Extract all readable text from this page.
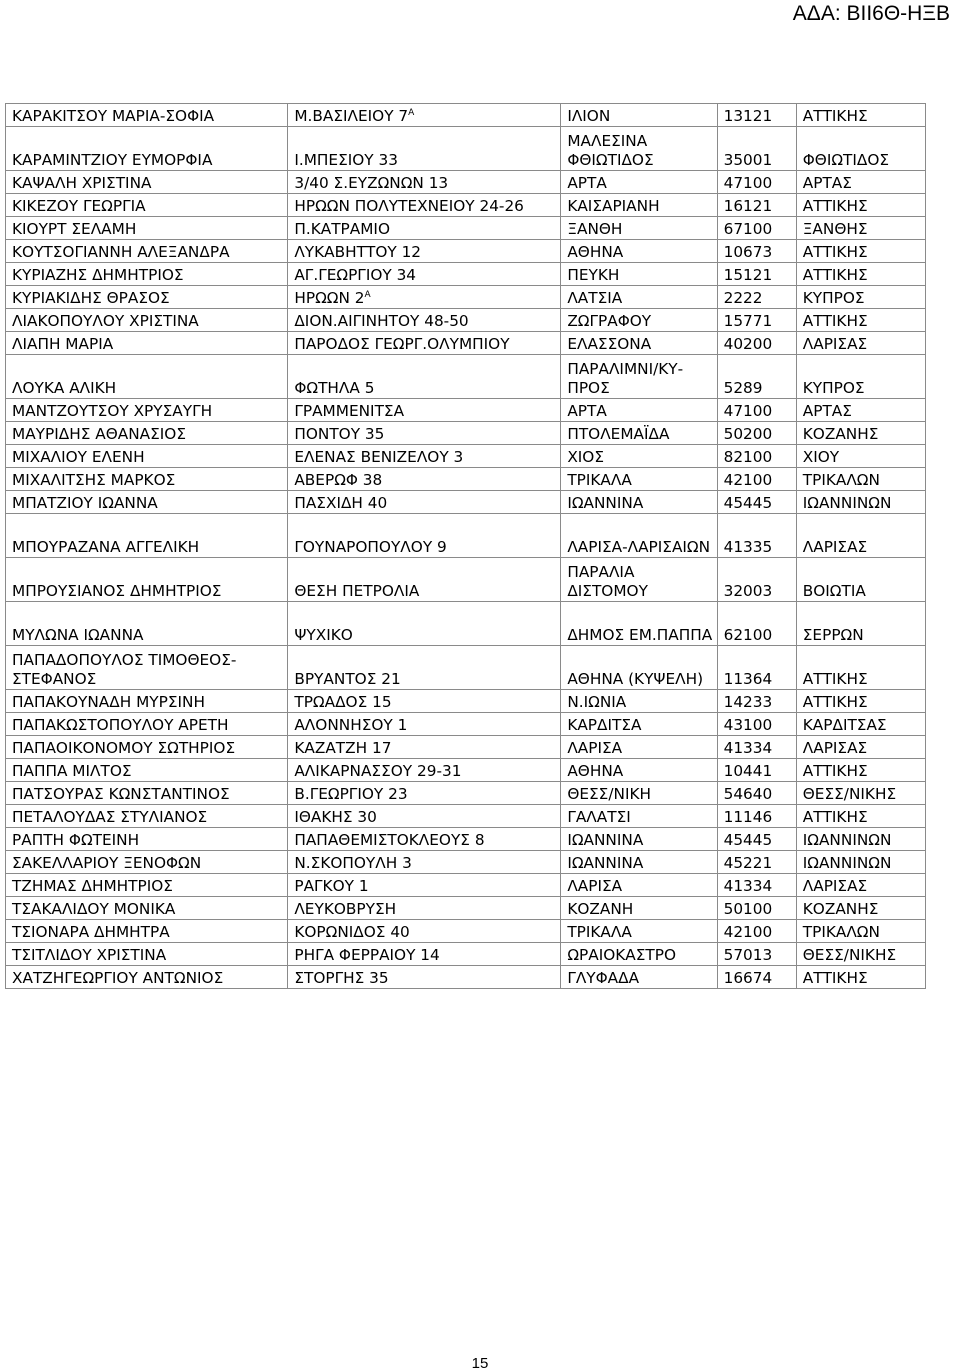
ΑΔΑ: ΒΙΙ6Θ-ΗΞΒ
ΚΑΡΑΚΙΤΣΟΥ ΜΑΡΙΑ-ΣΟΦΙΑ	Μ.ΒΑΣΙΛΕΙΟΥ $7^A$	ΙΛΙΟΝ	13121	ΑΤΤΙΚΗΣ
ΚΑΡΑΜΙΝΤΖΙΟΥ ΕΥΜΟΡΦΙΑ	Ι.ΜΠΕΣΙΟΥ 33	ΜΑΛΕΣΙΝΑ ΦΘΙΩΤΙΔΟΣ	35001	ΦΘΙΩΤΙΔΟΣ
ΚΑΨΑΛΗ ΧΡΙΣΤΙΝΑ	3/40 Σ.ΕΥΖΩΝΩΝ 13	ΑΡΤΑ	47100	ΑΡΤΑΣ
ΚΙΚΕΖΟΥ ΓΕΩΡΓΙΑ	ΗΡΩΩΝ ΠΟΛΥΤΕΧΝΕΙΟΥ 24-26	ΚΑΙΣΑΡΙΑΝΗ	16121	ΑΤΤΙΚΗΣ
ΚΙΟΥΡΤ ΣΕΛΑΜΗ	Π.ΚΑΤΡΑΜΙΟ	ΞΑΝΘΗ	67100	ΞΑΝΘΗΣ
ΚΟΥΤΣΟΓΙΑΝΝΗ ΑΛΕΞΑΝΔΡΑ	ΛΥΚΑΒΗΤΤΟΥ 12	ΑΘΗΝΑ	10673	ΑΤΤΙΚΗΣ
ΚΥΡΙΑΖΗΣ ΔΗΜΗΤΡΙΟΣ	ΑΓ.ΓΕΩΡΓΙΟΥ 34	ΠΕΥΚΗ	15121	ΑΤΤΙΚΗΣ
ΚΥΡΙΑΚΙΔΗΣ ΘΡΑΣΟΣ	ΗΡΩΩΝ $2^A$	ΛΑΤΣΙΑ	2222	ΚΥΠΡΟΣ
ΛΙΑΚΟΠΟΥΛΟΥ ΧΡΙΣΤΙΝΑ	ΔΙΟΝ.ΑΙΓΙΝΗΤΟΥ 48-50	ΖΩΓΡΑΦΟΥ	15771	ΑΤΤΙΚΗΣ
ΛΙΑΠΗ ΜΑΡΙΑ	ΠΑΡΟΔΟΣ ΓΕΩΡΓ.ΟΛΥΜΠΙΟΥ	ΕΛΑΣΣΟΝΑ	40200	ΛΑΡΙΣΑΣ
ΛΟΥΚΑ ΑΛΙΚΗ	ΦΩΤΗΛΑ 5	ΠΑΡΑΛΙΜΝΙ/ΚΥ-ΠΡΟΣ	5289	ΚΥΠΡΟΣ
ΜΑΝΤΖΟΥΤΣΟΥ ΧΡΥΣΑΥΓΗ	ΓΡΑΜΜΕΝΙΤΣΑ	ΑΡΤΑ	47100	ΑΡΤΑΣ
ΜΑΥΡΙΔΗΣ ΑΘΑΝΑΣΙΟΣ	ΠΟΝΤΟΥ 35	ΠΤΟΛΕΜΑΪΔΑ	50200	ΚΟΖΑΝΗΣ
ΜΙΧΑΛΙΟΥ ΕΛΕΝΗ	ΕΛΕΝΑΣ ΒΕΝΙΖΕΛΟΥ 3	ΧΙΟΣ	82100	ΧΙΟΥ
ΜΙΧΑΛΙΤΣΗΣ ΜΑΡΚΟΣ	ΑΒΕΡΩΦ 38	ΤΡΙΚΑΛΑ	42100	ΤΡΙΚΑΛΩΝ
ΜΠΑΤΖΙΟΥ ΙΩΑΝΝΑ	ΠΑΣΧΙΔΗ 40	ΙΩΑΝΝΙΝΑ	45445	ΙΩΑΝΝΙΝΩΝ
ΜΠΟΥΡΑΖΑΝΑ ΑΓΓΕΛΙΚΗ	ΓΟΥΝΑΡΟΠΟΥΛΟΥ 9	ΛΑΡΙΣΑ-ΛΑΡΙΣΑΙΩΝ	41335	ΛΑΡΙΣΑΣ
ΜΠΡΟΥΣΙΑΝΟΣ ΔΗΜΗΤΡΙΟΣ	ΘΕΣΗ ΠΕΤΡΟΛΙΑ	ΠΑΡΑΛΙΑ ΔΙΣΤΟΜΟΥ	32003	ΒΟΙΩΤΙΑ
ΜΥΛΩΝΑ ΙΩΑΝΝΑ	ΨΥΧΙΚΟ	ΔΗΜΟΣ ΕΜ.ΠΑΠΠΑ	62100	ΣΕΡΡΩΝ
ΠΑΠΑΔΟΠΟΥΛΟΣ ΤΙΜΟΘΕΟΣ-ΣΤΕΦΑΝΟΣ	ΒΡΥΑΝΤΟΣ 21	ΑΘΗΝΑ (ΚΥΨΕΛΗ)	11364	ΑΤΤΙΚΗΣ
ΠΑΠΑΚΟΥΝΑΔΗ ΜΥΡΣΙΝΗ	ΤΡΩΑΔΟΣ 15	Ν.ΙΩΝΙΑ	14233	ΑΤΤΙΚΗΣ
ΠΑΠΑΚΩΣΤΟΠΟΥΛΟΥ ΑΡΕΤΗ	ΑΛΟΝΝΗΣΟΥ 1	ΚΑΡΔΙΤΣΑ	43100	ΚΑΡΔΙΤΣΑΣ
ΠΑΠΑΟΙΚΟΝΟΜΟΥ ΣΩΤΗΡΙΟΣ	ΚΑΖΑΤΖΗ 17	ΛΑΡΙΣΑ	41334	ΛΑΡΙΣΑΣ
ΠΑΠΠΑ ΜΙΛΤΟΣ	ΑΛΙΚΑΡΝΑΣΣΟΥ 29-31	ΑΘΗΝΑ	10441	ΑΤΤΙΚΗΣ
ΠΑΤΣΟΥΡΑΣ ΚΩΝΣΤΑΝΤΙΝΟΣ	Β.ΓΕΩΡΓΙΟΥ 23	ΘΕΣΣ/ΝΙΚΗ	54640	ΘΕΣΣ/ΝΙΚΗΣ
ΠΕΤΑΛΟΥΔΑΣ ΣΤΥΛΙΑΝΟΣ	ΙΘΑΚΗΣ 30	ΓΑΛΑΤΣΙ	11146	ΑΤΤΙΚΗΣ
ΡΑΠΤΗ ΦΩΤΕΙΝΗ	ΠΑΠΑΘΕΜΙΣΤΟΚΛΕΟΥΣ 8	ΙΩΑΝΝΙΝΑ	45445	ΙΩΑΝΝΙΝΩΝ
ΣΑΚΕΛΛΑΡΙΟΥ ΞΕΝΟΦΩΝ	Ν.ΣΚΟΠΟΥΛΗ 3	ΙΩΑΝΝΙΝΑ	45221	ΙΩΑΝΝΙΝΩΝ
ΤΖΗΜΑΣ ΔΗΜΗΤΡΙΟΣ	ΡΑΓΚΟΥ 1	ΛΑΡΙΣΑ	41334	ΛΑΡΙΣΑΣ
ΤΣΑΚΑΛΙΔΟΥ ΜΟΝΙΚΑ	ΛΕΥΚΟΒΡΥΣΗ	ΚΟΖΑΝΗ	50100	ΚΟΖΑΝΗΣ
ΤΣΙΟΝΑΡΑ ΔΗΜΗΤΡΑ	ΚΟΡΩΝΙΔΟΣ 40	ΤΡΙΚΑΛΑ	42100	ΤΡΙΚΑΛΩΝ
ΤΣΙΤΛΙΔΟΥ ΧΡΙΣΤΙΝΑ	ΡΗΓΑ ΦΕΡΡΑΙΟΥ 14	ΩΡΑΙΟΚΑΣΤΡΟ	57013	ΘΕΣΣ/ΝΙΚΗΣ
ΧΑΤΖΗΓΕΩΡΓΙΟΥ ΑΝΤΩΝΙΟΣ	ΣΤΟΡΓΗΣ 35	ΓΛΥΦΑΔΑ	16674	ΑΤΤΙΚΗΣ
15
